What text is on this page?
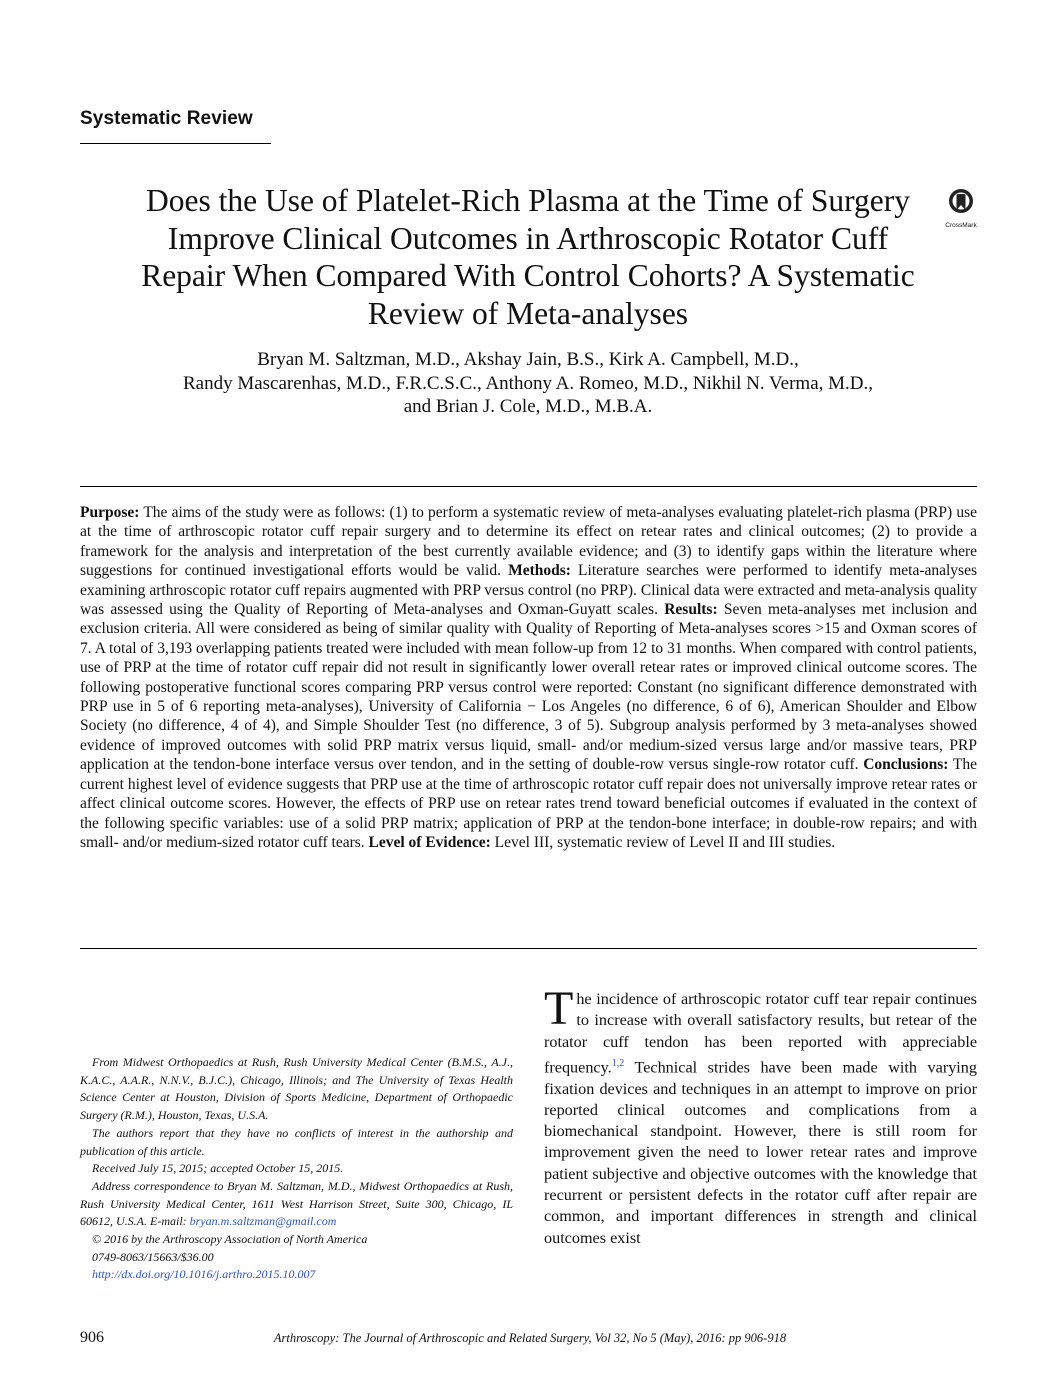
Systematic Review
Does the Use of Platelet-Rich Plasma at the Time of Surgery Improve Clinical Outcomes in Arthroscopic Rotator Cuff Repair When Compared With Control Cohorts? A Systematic Review of Meta-analyses
CrossMark
Bryan M. Saltzman, M.D., Akshay Jain, B.S., Kirk A. Campbell, M.D.,
Randy Mascarenhas, M.D., F.R.C.S.C., Anthony A. Romeo, M.D., Nikhil N. Verma, M.D.,
and Brian J. Cole, M.D., M.B.A.
Purpose: The aims of the study were as follows: (1) to perform a systematic review of meta-analyses evaluating platelet-rich plasma (PRP) use at the time of arthroscopic rotator cuff repair surgery and to determine its effect on retear rates and clinical outcomes; (2) to provide a framework for the analysis and interpretation of the best currently available evidence; and (3) to identify gaps within the literature where suggestions for continued investigational efforts would be valid. Methods: Literature searches were performed to identify meta-analyses examining arthroscopic rotator cuff repairs augmented with PRP versus control (no PRP). Clinical data were extracted and meta-analysis quality was assessed using the Quality of Reporting of Meta-analyses and Oxman-Guyatt scales. Results: Seven meta-analyses met inclusion and exclusion criteria. All were considered as being of similar quality with Quality of Reporting of Meta-analyses scores >15 and Oxman scores of 7. A total of 3,193 overlapping patients treated were included with mean follow-up from 12 to 31 months. When compared with control patients, use of PRP at the time of rotator cuff repair did not result in significantly lower overall retear rates or improved clinical outcome scores. The following postoperative functional scores comparing PRP versus control were reported: Constant (no significant difference demonstrated with PRP use in 5 of 6 reporting meta-analyses), University of California − Los Angeles (no difference, 6 of 6), American Shoulder and Elbow Society (no difference, 4 of 4), and Simple Shoulder Test (no difference, 3 of 5). Subgroup analysis performed by 3 meta-analyses showed evidence of improved outcomes with solid PRP matrix versus liquid, small- and/or medium-sized versus large and/or massive tears, PRP application at the tendon-bone interface versus over tendon, and in the setting of double-row versus single-row rotator cuff. Conclusions: The current highest level of evidence suggests that PRP use at the time of arthroscopic rotator cuff repair does not universally improve retear rates or affect clinical outcome scores. However, the effects of PRP use on retear rates trend toward beneficial outcomes if evaluated in the context of the following specific variables: use of a solid PRP matrix; application of PRP at the tendon-bone interface; in double-row repairs; and with small- and/or medium-sized rotator cuff tears. Level of Evidence: Level III, systematic review of Level II and III studies.

From Midwest Orthopaedics at Rush, Rush University Medical Center (B.M.S., A.J., K.A.C., A.A.R., N.N.V., B.J.C.), Chicago, Illinois; and The University of Texas Health Science Center at Houston, Division of Sports Medicine, Department of Orthopaedic Surgery (R.M.), Houston, Texas, U.S.A.

The authors report that they have no conflicts of interest in the authorship and publication of this article.

Received July 15, 2015; accepted October 15, 2015.

Address correspondence to Bryan M. Saltzman, M.D., Midwest Orthopaedics at Rush, Rush University Medical Center, 1611 West Harrison Street, Suite 300, Chicago, IL 60612, U.S.A. E-mail: bryan.m.saltzman@gmail.com

© 2016 by the Arthroscopy Association of North America

0749-8063/15663/$36.00

http://dx.doi.org/10.1016/j.arthro.2015.10.007

The incidence of arthroscopic rotator cuff tear repair continues to increase with overall satisfactory results, but retear of the rotator cuff tendon has been reported with appreciable frequency.$^{1,2}$ Technical strides have been made with varying fixation devices and techniques in an attempt to improve on prior reported clinical outcomes and complications from a biomechanical standpoint. However, there is still room for improvement given the need to lower retear rates and improve patient subjective and objective outcomes with the knowledge that recurrent or persistent defects in the rotator cuff after repair are common, and important differences in strength and clinical outcomes exist
906	Arthroscopy: The Journal of Arthroscopic and Related Surgery, Vol 32, No 5 (May), 2016: pp 906-918
